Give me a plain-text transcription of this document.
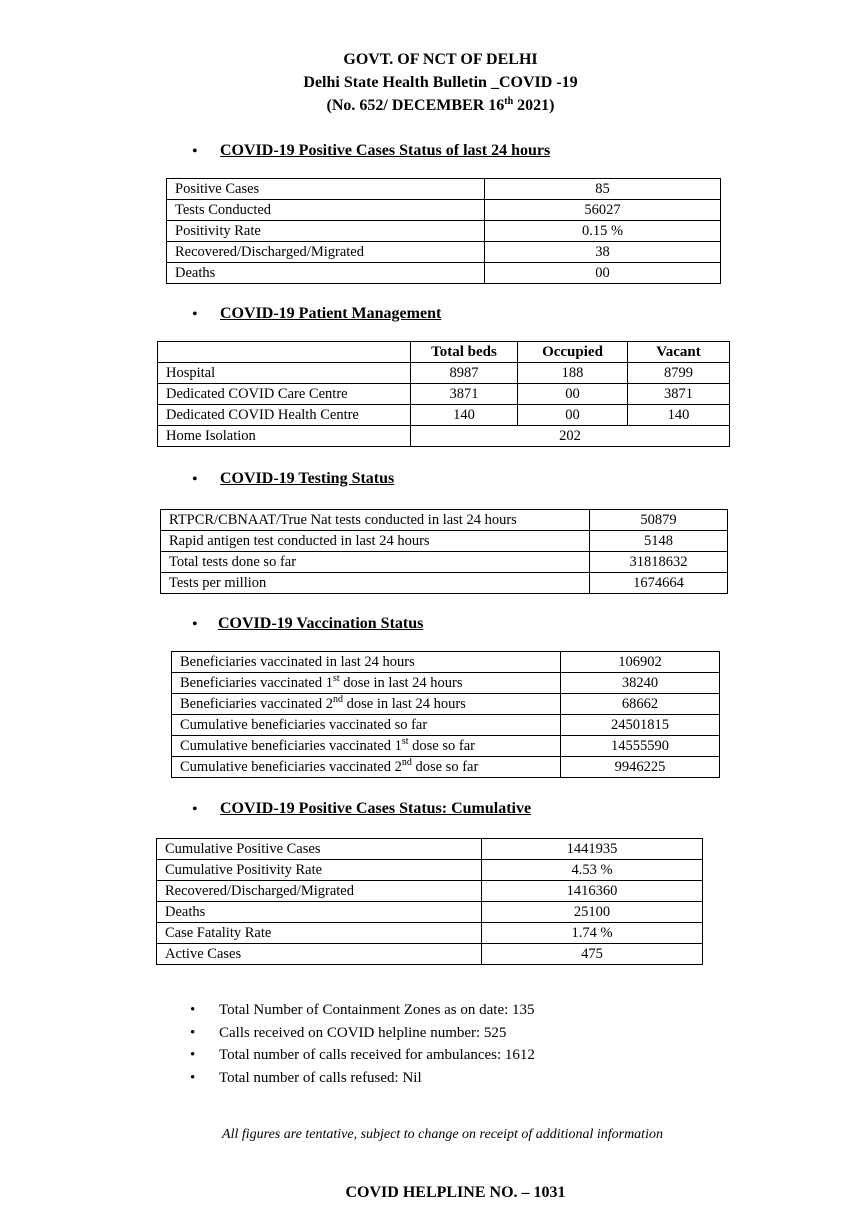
GOVT. OF NCT OF DELHI
Delhi State Health Bulletin _COVID -19
(No. 652/ DECEMBER 16th 2021)
• COVID-19 Positive Cases Status of last 24 hours
Positive Cases	85
Tests Conducted	56027
Positivity Rate	0.15 %
Recovered/Discharged/Migrated	38
Deaths	00
• COVID-19 Patient Management
	Total beds	Occupied	Vacant
Hospital	8987	188	8799
Dedicated COVID Care Centre	3871	00	3871
Dedicated COVID Health Centre	140	00	140
Home Isolation	202		
• COVID-19 Testing Status
RTPCR/CBNAAT/True Nat tests conducted in last 24 hours	50879
Rapid antigen test conducted in last 24 hours	5148
Total tests done so far	31818632
Tests per million	1674664
• COVID-19 Vaccination Status
Beneficiaries vaccinated in last 24 hours	106902
Beneficiaries vaccinated 1st dose in last 24 hours	38240
Beneficiaries vaccinated 2nd dose in last 24 hours	68662
Cumulative beneficiaries vaccinated so far	24501815
Cumulative beneficiaries vaccinated 1st dose so far	14555590
Cumulative beneficiaries vaccinated 2nd dose so far	9946225
• COVID-19 Positive Cases Status: Cumulative
Cumulative Positive Cases	1441935
Cumulative Positivity Rate	4.53 %
Recovered/Discharged/Migrated	1416360
Deaths	25100
Case Fatality Rate	1.74 %
Active Cases	475
• Total Number of Containment Zones as on date: 135
• Calls received on COVID helpline number: 525
• Total number of calls received for ambulances: 1612
• Total number of calls refused: Nil
All figures are tentative, subject to change on receipt of additional information
COVID HELPLINE NO. – 1031
